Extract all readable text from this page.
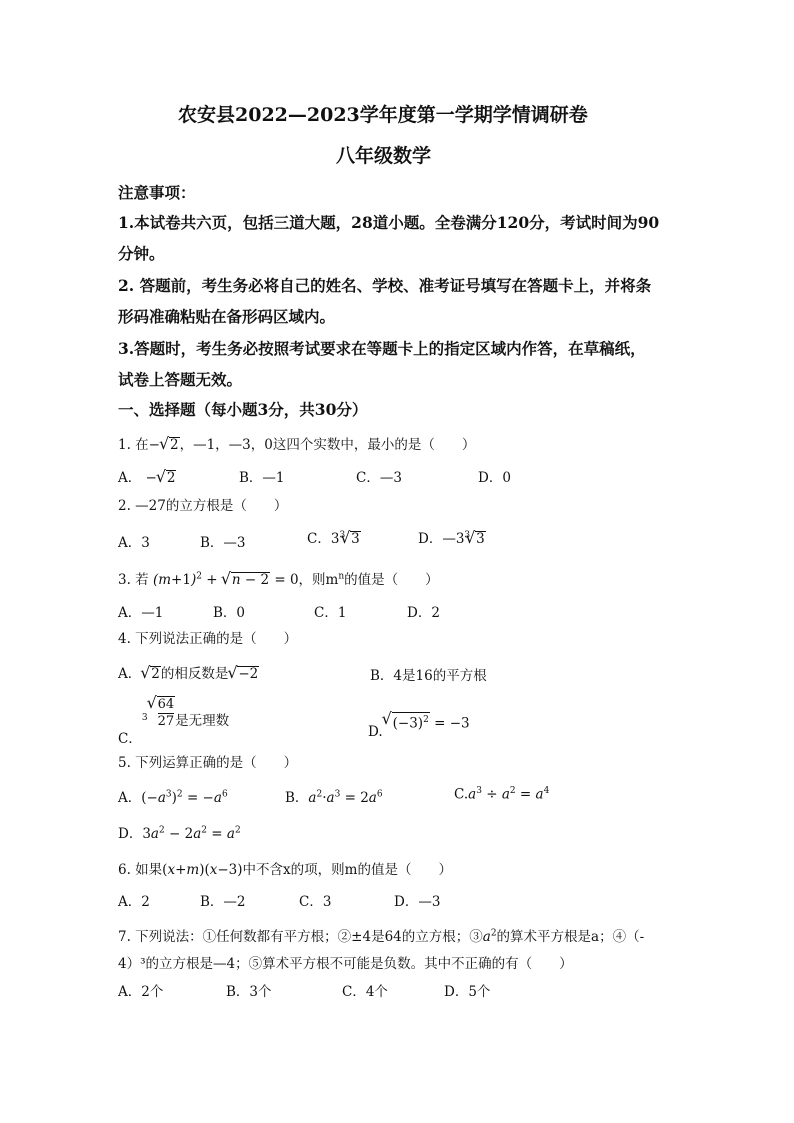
农安县2022—2023学年度第一学期学情调研卷
八年级数学
注意事项：
1.本试卷共六页，包括三道大题，28道小题。全卷满分120分，考试时间为90
分钟。
2. 答题前，考生务必将自己的姓名、学校、准考证号填写在答题卡上，并将条
形码准确粘贴在备形码区域内。
3.答题时，考生务必按照考试要求在等题卡上的指定区域内作答，在草稿纸，
试卷上答题无效。
一、选择题（每小题3分，共30分）
1. 在−√ 2，—1，—3，0这四个实数中，最小的是（　　）
A． −√ 2	B．—1	C．—3	D．0
2. —27的立方根是（　　）
A．3	B．—3	C．$3^3√$ 3	D．$—3^3√$ 3
3. 若 $(m+1)^2$ + √ n − 2 = 0，则$m^n$的值是（　　）
A．—1	B．0	C．1	D．2
4. 下列说法正确的是（　　）
A．√ 2的相反数是√ −2	B．4是16的平方根
C．$^3$
√ $\frac{64}{27}$ 是无理数
D.√ $(-3)^2 = -3$
5. 下列运算正确的是（　　）
A．$(-a^3)^2 = -a^6$	B．$a^2\cdot a^3 = 2a^6$	$C.a^3 \div a^2 = a^4$
D．$3a^2 - 2a^2 = a^2$
6. 如果(x+m)(x−3)中不含x的项，则m的值是（　　）
A．2	B．—2	C．3	D．—3
7. 下列说法：①任何数都有平方根；②±4是64的立方根；$③a^2$的算术平方根是a；④（-
4）³的立方根是—4；⑤算术平方根不可能是负数。其中不正确的有（　　）
A．2个	B．3个	C．4个	D．5个
